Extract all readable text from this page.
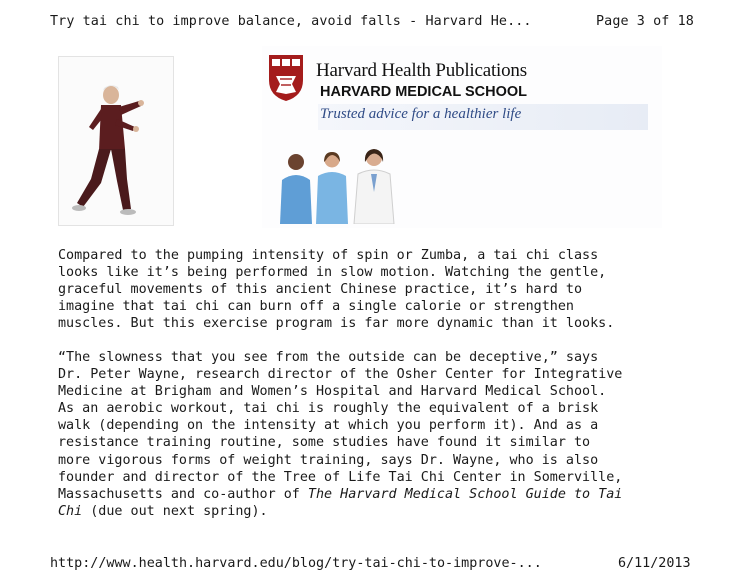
Try tai chi to improve balance, avoid falls - Harvard He...	Page 3 of 18
Harvard Health Publications
HARVARD MEDICAL SCHOOL
Trusted advice for a healthier life
Compared to the pumping intensity of spin or Zumba, a tai chi class
looks like it’s being performed in slow motion. Watching the gentle,
graceful movements of this ancient Chinese practice, it’s hard to
imagine that tai chi can burn off a single calorie or strengthen
muscles. But this exercise program is far more dynamic than it looks.
“The slowness that you see from the outside can be deceptive,” says
Dr. Peter Wayne, research director of the Osher Center for Integrative
Medicine at Brigham and Women’s Hospital and Harvard Medical School.
As an aerobic workout, tai chi is roughly the equivalent of a brisk
walk (depending on the intensity at which you perform it). And as a
resistance training routine, some studies have found it similar to
more vigorous forms of weight training, says Dr. Wayne, who is also
founder and director of the Tree of Life Tai Chi Center in Somerville,
Massachusetts and co-author of The Harvard Medical School Guide to Tai
Chi (due out next spring).
http://www.health.harvard.edu/blog/try-tai-chi-to-improve-...	6/11/2013
